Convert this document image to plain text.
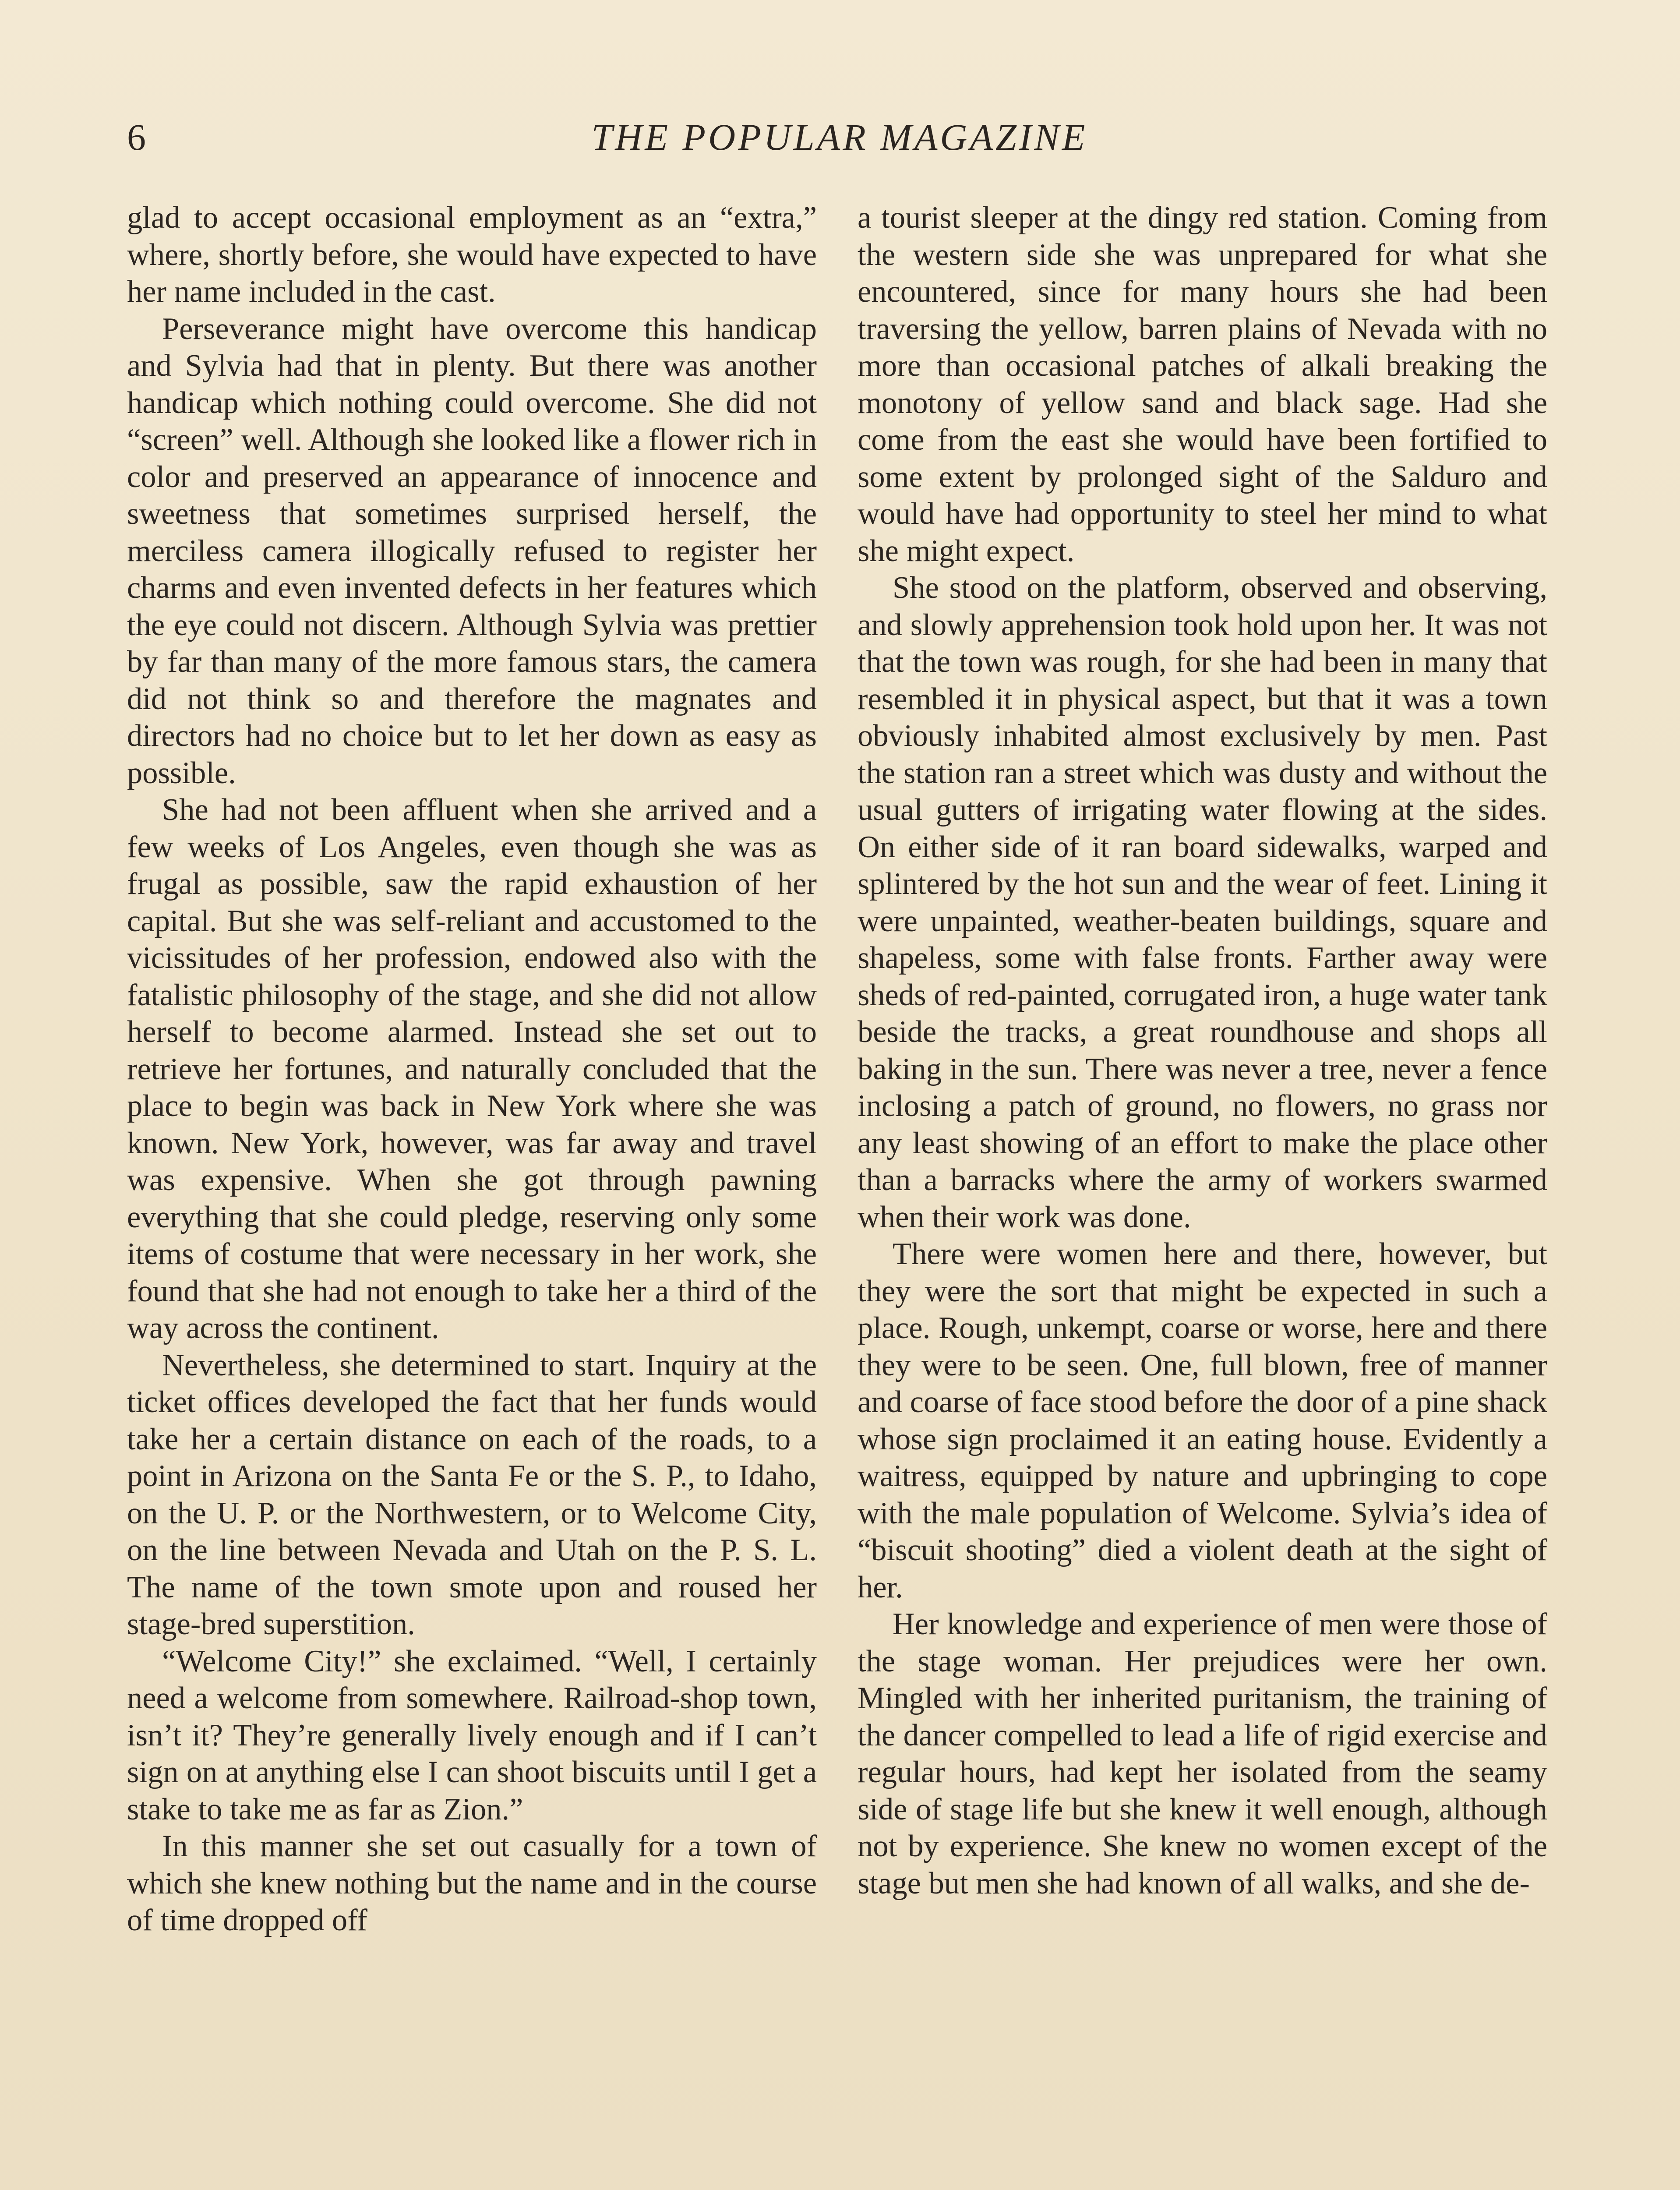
6	THE POPULAR MAGAZINE

glad to accept occasional employment as an “extra,” where, shortly before, she would have expected to have her name included in the cast.

Perseverance might have overcome this handicap and Sylvia had that in plenty. But there was another handicap which nothing could overcome. She did not “screen” well. Although she looked like a flower rich in color and preserved an appearance of innocence and sweetness that sometimes surprised herself, the merciless camera illogically refused to register her charms and even invented defects in her features which the eye could not discern. Although Sylvia was prettier by far than many of the more famous stars, the camera did not think so and therefore the magnates and directors had no choice but to let her down as easy as possible.

She had not been affluent when she arrived and a few weeks of Los Angeles, even though she was as frugal as possible, saw the rapid exhaustion of her capital. But she was self-reliant and accustomed to the vicissitudes of her profession, endowed also with the fatalistic philosophy of the stage, and she did not allow herself to become alarmed. Instead she set out to retrieve her fortunes, and naturally concluded that the place to begin was back in New York where she was known. New York, however, was far away and travel was expensive. When she got through pawning everything that she could pledge, reserving only some items of costume that were necessary in her work, she found that she had not enough to take her a third of the way across the continent.

Nevertheless, she determined to start. Inquiry at the ticket offices developed the fact that her funds would take her a certain distance on each of the roads, to a point in Arizona on the Santa Fe or the S. P., to Idaho, on the U. P. or the Northwestern, or to Welcome City, on the line between Nevada and Utah on the P. S. L. The name of the town smote upon and roused her stage-bred superstition.

“Welcome City!” she exclaimed. “Well, I certainly need a welcome from somewhere. Railroad-shop town, isn’t it? They’re generally lively enough and if I can’t sign on at anything else I can shoot biscuits until I get a stake to take me as far as Zion.”

In this manner she set out casually for a town of which she knew nothing but the name and in the course of time dropped off

a tourist sleeper at the dingy red station. Coming from the western side she was unprepared for what she encountered, since for many hours she had been traversing the yellow, barren plains of Nevada with no more than occasional patches of alkali breaking the monotony of yellow sand and black sage. Had she come from the east she would have been fortified to some extent by prolonged sight of the Salduro and would have had opportunity to steel her mind to what she might expect.

She stood on the platform, observed and observing, and slowly apprehension took hold upon her. It was not that the town was rough, for she had been in many that resembled it in physical aspect, but that it was a town obviously inhabited almost exclusively by men. Past the station ran a street which was dusty and without the usual gutters of irrigating water flowing at the sides. On either side of it ran board sidewalks, warped and splintered by the hot sun and the wear of feet. Lining it were unpainted, weather-beaten buildings, square and shapeless, some with false fronts. Farther away were sheds of red-painted, corrugated iron, a huge water tank beside the tracks, a great roundhouse and shops all baking in the sun. There was never a tree, never a fence inclosing a patch of ground, no flowers, no grass nor any least showing of an effort to make the place other than a barracks where the army of workers swarmed when their work was done.

There were women here and there, however, but they were the sort that might be expected in such a place. Rough, unkempt, coarse or worse, here and there they were to be seen. One, full blown, free of manner and coarse of face stood before the door of a pine shack whose sign proclaimed it an eating house. Evidently a waitress, equipped by nature and upbringing to cope with the male population of Welcome. Sylvia’s idea of “biscuit shooting” died a violent death at the sight of her.

Her knowledge and experience of men were those of the stage woman. Her prejudices were her own. Mingled with her inherited puritanism, the training of the dancer compelled to lead a life of rigid exercise and regular hours, had kept her isolated from the seamy side of stage life but she knew it well enough, although not by experience. She knew no women except of the stage but men she had known of all walks, and she de-
